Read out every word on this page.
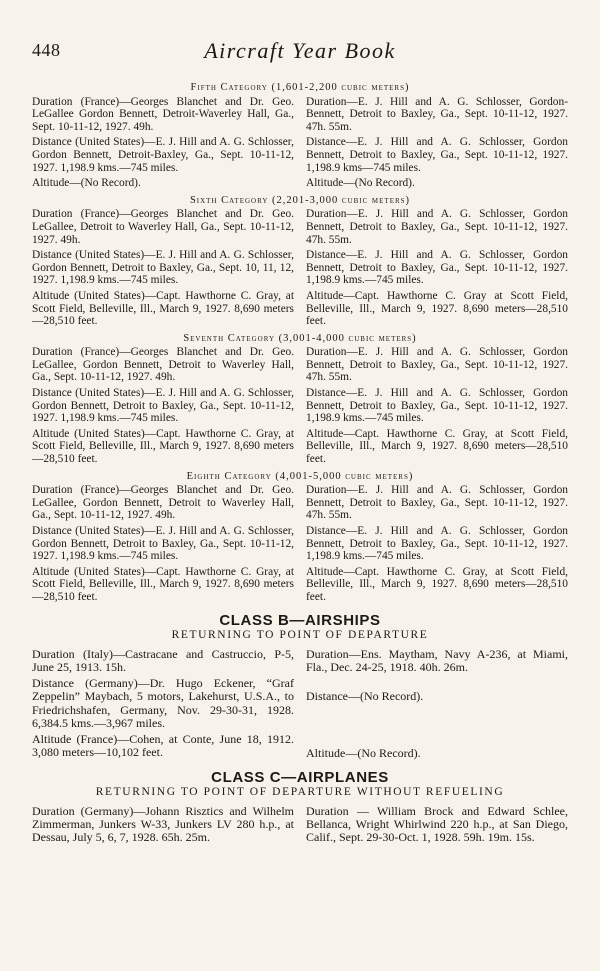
448	Aircraft Year Book
Fifth Category (1,601-2,200 cubic meters)
Duration (France)—Georges Blanchet and Dr. Geo. LeGallee Gordon Bennett, Detroit-Waverley Hall, Ga., Sept. 10-11-12, 1927. 49h.
Distance (United States)—E. J. Hill and A. G. Schlosser, Gordon Bennett, Detroit-Baxley, Ga., Sept. 10-11-12, 1927. 1,198.9 kms.—745 miles.
Altitude—(No Record).
Duration—E. J. Hill and A. G. Schlosser, Gordon-Bennett, Detroit to Baxley, Ga., Sept. 10-11-12, 1927. 47h. 55m.
Distance—E. J. Hill and A. G. Schlosser, Gordon Bennett, Detroit to Baxley, Ga., Sept. 10-11-12, 1927. 1,198.9 kms—745 miles.
Altitude—(No Record).
Sixth Category (2,201-3,000 cubic meters)
Duration (France)—Georges Blanchet and Dr. Geo. LeGallee, Detroit to Waverley Hall, Ga., Sept. 10-11-12, 1927. 49h.
Distance (United States)—E. J. Hill and A. G. Schlosser, Gordon Bennett, Detroit to Baxley, Ga., Sept. 10, 11, 12, 1927. 1,198.9 kms.—745 miles.
Altitude (United States)—Capt. Hawthorne C. Gray, at Scott Field, Belleville, Ill., March 9, 1927. 8,690 meters—28,510 feet.
Duration—E. J. Hill and A. G. Schlosser, Gordon Bennett, Detroit to Baxley, Ga., Sept. 10-11-12, 1927. 47h. 55m.
Distance—E. J. Hill and A. G. Schlosser, Gordon Bennett, Detroit to Baxley, Ga., Sept. 10-11-12, 1927. 1,198.9 kms.—745 miles.
Altitude—Capt. Hawthorne C. Gray at Scott Field, Belleville, Ill., March 9, 1927. 8,690 meters—28,510 feet.
Seventh Category (3,001-4,000 cubic meters)
Duration (France)—Georges Blanchet and Dr. Geo. LeGallee, Gordon Bennett, Detroit to Waverley Hall, Ga., Sept. 10-11-12, 1927. 49h.
Distance (United States)—E. J. Hill and A. G. Schlosser, Gordon Bennett, Detroit to Baxley, Ga., Sept. 10-11-12, 1927. 1,198.9 kms.—745 miles.
Altitude (United States)—Capt. Hawthorne C. Gray, at Scott Field, Belleville, Ill., March 9, 1927. 8,690 meters—28,510 feet.
Duration—E. J. Hill and A. G. Schlosser, Gordon Bennett, Detroit to Baxley, Ga., Sept. 10-11-12, 1927. 47h. 55m.
Distance—E. J. Hill and A. G. Schlosser, Gordon Bennett, Detroit to Baxley, Ga., Sept. 10-11-12, 1927. 1,198.9 kms.—745 miles.
Altitude—Capt. Hawthorne C. Gray, at Scott Field, Belleville, Ill., March 9, 1927. 8,690 meters—28,510 feet.
Eighth Category (4,001-5,000 cubic meters)
Duration (France)—Georges Blanchet and Dr. Geo. LeGallee, Gordon Bennett, Detroit to Waverley Hall, Ga., Sept. 10-11-12, 1927. 49h.
Distance (United States)—E. J. Hill and A. G. Schlosser, Gordon Bennett, Detroit to Baxley, Ga., Sept. 10-11-12, 1927. 1,198.9 kms.—745 miles.
Altitude (United States)—Capt. Hawthorne C. Gray, at Scott Field, Belleville, Ill., March 9, 1927. 8,690 meters—28,510 feet.
Duration—E. J. Hill and A. G. Schlosser, Gordon Bennett, Detroit to Baxley, Ga., Sept. 10-11-12, 1927. 47h. 55m.
Distance—E. J. Hill and A. G. Schlosser, Gordon Bennett, Detroit to Baxley, Ga., Sept. 10-11-12, 1927. 1,198.9 kms.—745 miles.
Altitude—Capt. Hawthorne C. Gray, at Scott Field, Belleville, Ill., March 9, 1927. 8,690 meters—28,510 feet.
CLASS B—AIRSHIPS
RETURNING TO POINT OF DEPARTURE
Duration (Italy)—Castracane and Castruccio, P-5, June 25, 1913. 15h.
Distance (Germany)—Dr. Hugo Eckener, “Graf Zeppelin” Maybach, 5 motors, Lakehurst, U.S.A., to Friedrichshafen, Germany, Nov. 29-30-31, 1928. 6,384.5 kms.—3,967 miles.
Altitude (France)—Cohen, at Conte, June 18, 1912. 3,080 meters—10,102 feet.
Duration—Ens. Maytham, Navy A-236, at Miami, Fla., Dec. 24-25, 1918. 40h. 26m.
Distance—(No Record).
Altitude—(No Record).
CLASS C—AIRPLANES
RETURNING TO POINT OF DEPARTURE WITHOUT REFUELING
Duration (Germany)—Johann Risztics and Wilhelm Zimmerman, Junkers W-33, Junkers LV 280 h.p., at Dessau, July 5, 6, 7, 1928. 65h. 25m.
Duration — William Brock and Edward Schlee, Bellanca, Wright Whirlwind 220 h.p., at San Diego, Calif., Sept. 29-30-Oct. 1, 1928. 59h. 19m. 15s.
